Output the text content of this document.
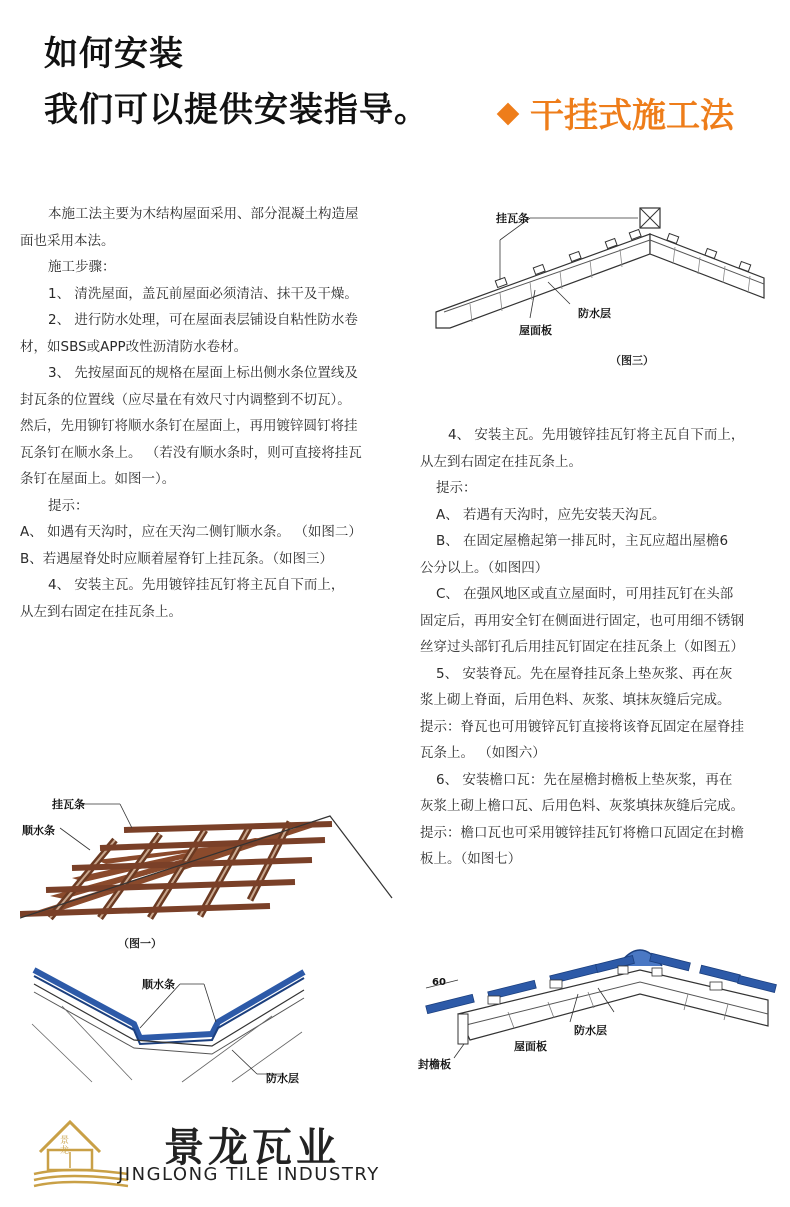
如何安装
我们可以提供安装指导。	干挂式施工法

本施工法主要为木结构屋面采用、部分混凝土构造屋

面也采用本法。

施工步骤：

1、 清洗屋面，盖瓦前屋面必须清洁、抹干及干燥。

2、 进行防水处理，可在屋面表层铺设自粘性防水卷

材，如SBS或APP改性沥清防水卷材。

3、 先按屋面瓦的规格在屋面上标出侧水条位置线及

封瓦条的位置线（应尽量在有效尺寸内调整到不切瓦）。

然后，先用铆钉将顺水条钉在屋面上，再用镀锌圆钉将挂

瓦条钉在顺水条上。 （若没有顺水条时，则可直接将挂瓦

条钉在屋面上。如图一）。

提示：

A、 如遇有天沟时，应在天沟二侧钉顺水条。 （如图二）

B、若遇屋脊处时应顺着屋脊钉上挂瓦条。（如图三）

4、 安装主瓦。先用镀锌挂瓦钉将主瓦自下而上，

从左到右固定在挂瓦条上。

4、 安装主瓦。先用镀锌挂瓦钉将主瓦自下而上，

从左到右固定在挂瓦条上。

提示：

A、 若遇有天沟时，应先安装天沟瓦。

B、 在固定屋檐起第一排瓦时，主瓦应超出屋檐6

公分以上。（如图四）

C、 在强风地区或直立屋面时，可用挂瓦钉在头部

固定后，再用安全钉在侧面进行固定，也可用细不锈钢

丝穿过头部钉孔后用挂瓦钉固定在挂瓦条上（如图五）

5、 安装脊瓦。先在屋脊挂瓦条上垫灰浆、再在灰

浆上砌上脊面，后用色料、灰浆、填抹灰缝后完成。

提示：脊瓦也可用镀锌瓦钉直接将该脊瓦固定在屋脊挂

瓦条上。 （如图六）

6、 安装檐口瓦：先在屋檐封檐板上垫灰浆，再在

灰浆上砌上檐口瓦、后用色料、灰浆填抹灰缝后完成。

提示：檐口瓦也可采用镀锌挂瓦钉将檐口瓦固定在封檐

板上。（如图七）

挂瓦条
防水层
屋面板
（图三）
挂瓦条
顺水条
（图一）
顺水条
防水层
60
防水层
屋面板
封檐板
景龙 景龙瓦业
JINGLONG TILE INDUSTRY
